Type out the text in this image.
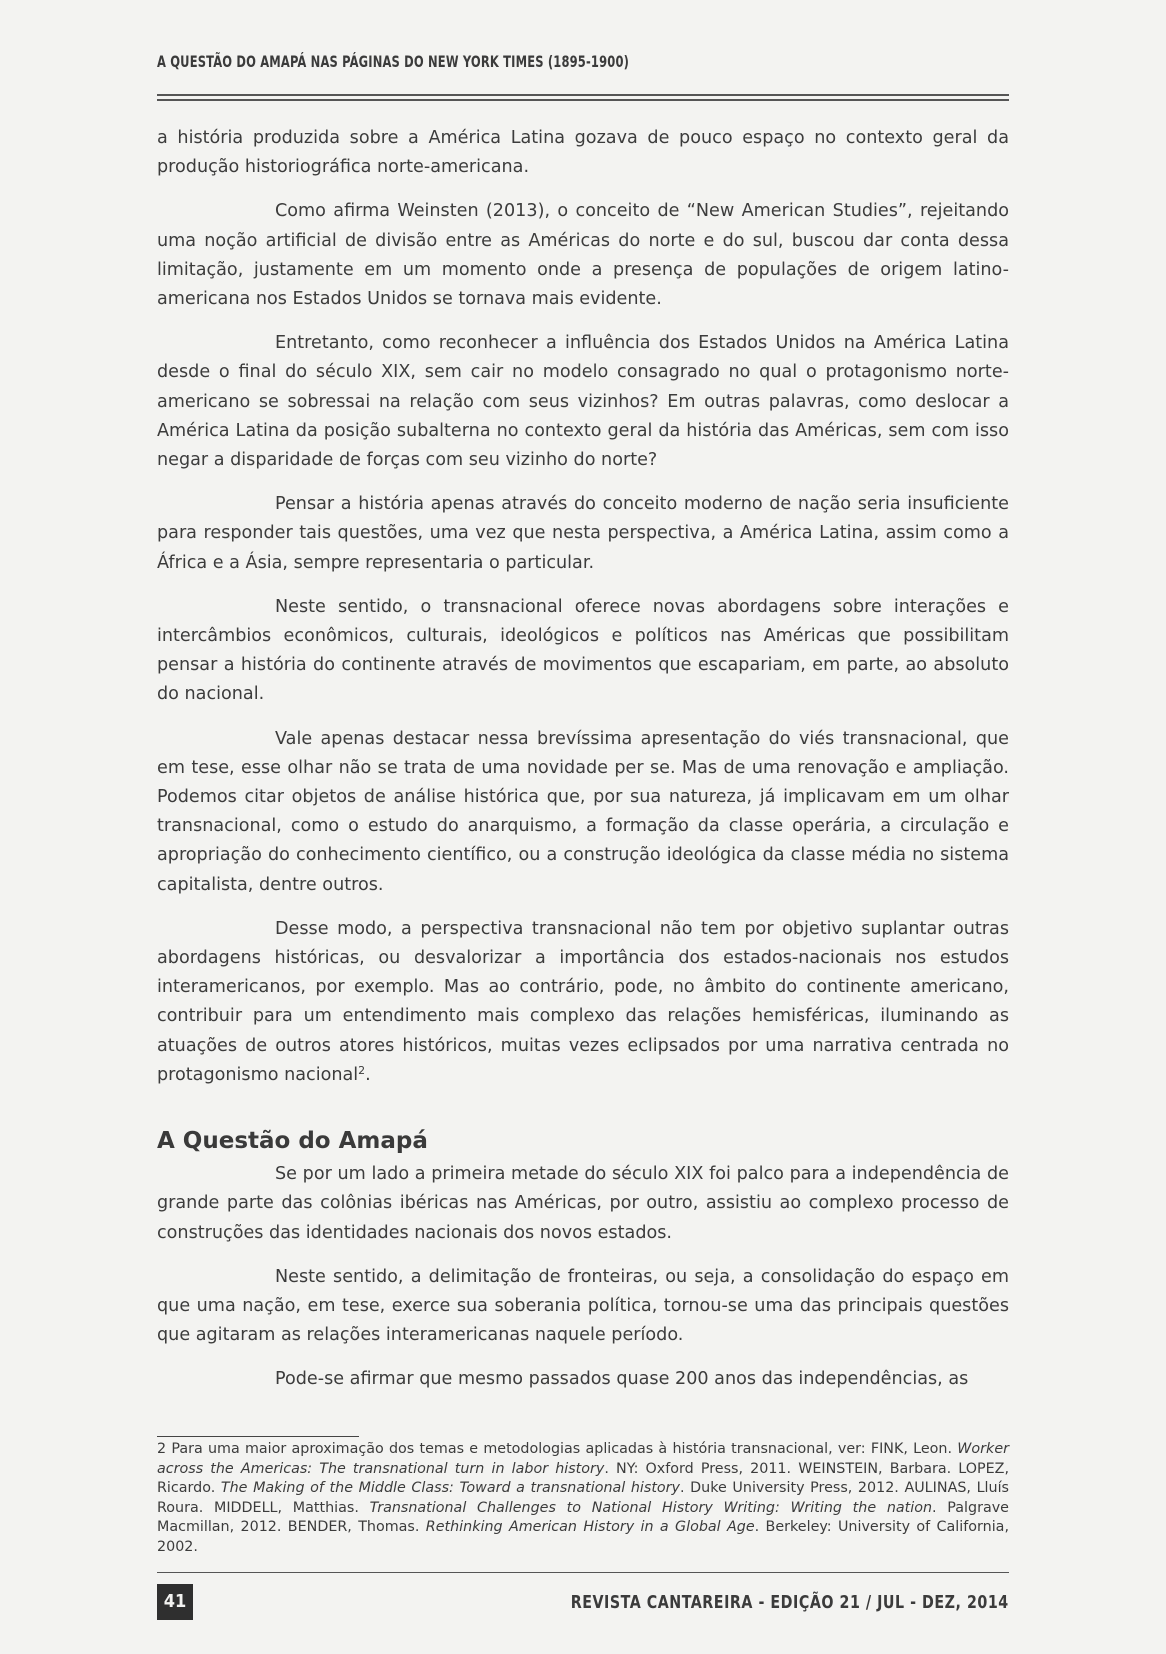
A QUESTÃO DO AMAPÁ NAS PÁGINAS DO NEW YORK TIMES (1895-1900)

a história produzida sobre a América Latina gozava de pouco espaço no contexto geral da produção historiográfica norte-americana.

Como afirma Weinsten (2013), o conceito de “New American Studies”, rejeitando uma noção artificial de divisão entre as Américas do norte e do sul, buscou dar conta dessa limitação, justamente em um momento onde a presença de populações de origem latino-americana nos Estados Unidos se tornava mais evidente.

Entretanto, como reconhecer a influência dos Estados Unidos na América Latina desde o final do século XIX, sem cair no modelo consagrado no qual o protagonismo norte-americano se sobressai na relação com seus vizinhos? Em outras palavras, como deslocar a América Latina da posição subalterna no contexto geral da história das Américas, sem com isso negar a disparidade de forças com seu vizinho do norte?

Pensar a história apenas através do conceito moderno de nação seria insuficiente para responder tais questões, uma vez que nesta perspectiva, a América Latina, assim como a África e a Ásia, sempre representaria o particular.

Neste sentido, o transnacional oferece novas abordagens sobre interações e intercâmbios econômicos, culturais, ideológicos e políticos nas Américas que possibilitam pensar a história do continente através de movimentos que escapariam, em parte, ao absoluto do nacional.

Vale apenas destacar nessa brevíssima apresentação do viés transnacional, que em tese, esse olhar não se trata de uma novidade per se. Mas de uma renovação e ampliação. Podemos citar objetos de análise histórica que, por sua natureza, já implicavam em um olhar transnacional, como o estudo do anarquismo, a formação da classe operária, a circulação e apropriação do conhecimento científico, ou a construção ideológica da classe média no sistema capitalista, dentre outros.

Desse modo, a perspectiva transnacional não tem por objetivo suplantar outras abordagens históricas, ou desvalorizar a importância dos estados-nacionais nos estudos interamericanos, por exemplo. Mas ao contrário, pode, no âmbito do continente americano, contribuir para um entendimento mais complexo das relações hemisféricas, iluminando as atuações de outros atores históricos, muitas vezes eclipsados por uma narrativa centrada no protagonismo nacional$^2$.

A Questão do Amapá

Se por um lado a primeira metade do século XIX foi palco para a independência de grande parte das colônias ibéricas nas Américas, por outro, assistiu ao complexo processo de construções das identidades nacionais dos novos estados.

Neste sentido, a delimitação de fronteiras, ou seja, a consolidação do espaço em que uma nação, em tese, exerce sua soberania política, tornou-se uma das principais questões que agitaram as relações interamericanas naquele período.

Pode-se afirmar que mesmo passados quase 200 anos das independências, as

2 Para uma maior aproximação dos temas e metodologias aplicadas à história transnacional, ver: FINK, Leon. Worker across the Americas: The transnational turn in labor history. NY: Oxford Press, 2011. WEINSTEIN, Barbara. LOPEZ, Ricardo. The Making of the Middle Class: Toward a transnational history. Duke University Press, 2012. AULINAS, Lluís Roura. MIDDELL, Matthias. Transnational Challenges to National History Writing: Writing the nation. Palgrave Macmillan, 2012. BENDER, Thomas. Rethinking American History in a Global Age. Berkeley: University of California, 2002.
41	REVISTA CANTAREIRA - EDIÇÃO 21 / JUL - DEZ, 2014
